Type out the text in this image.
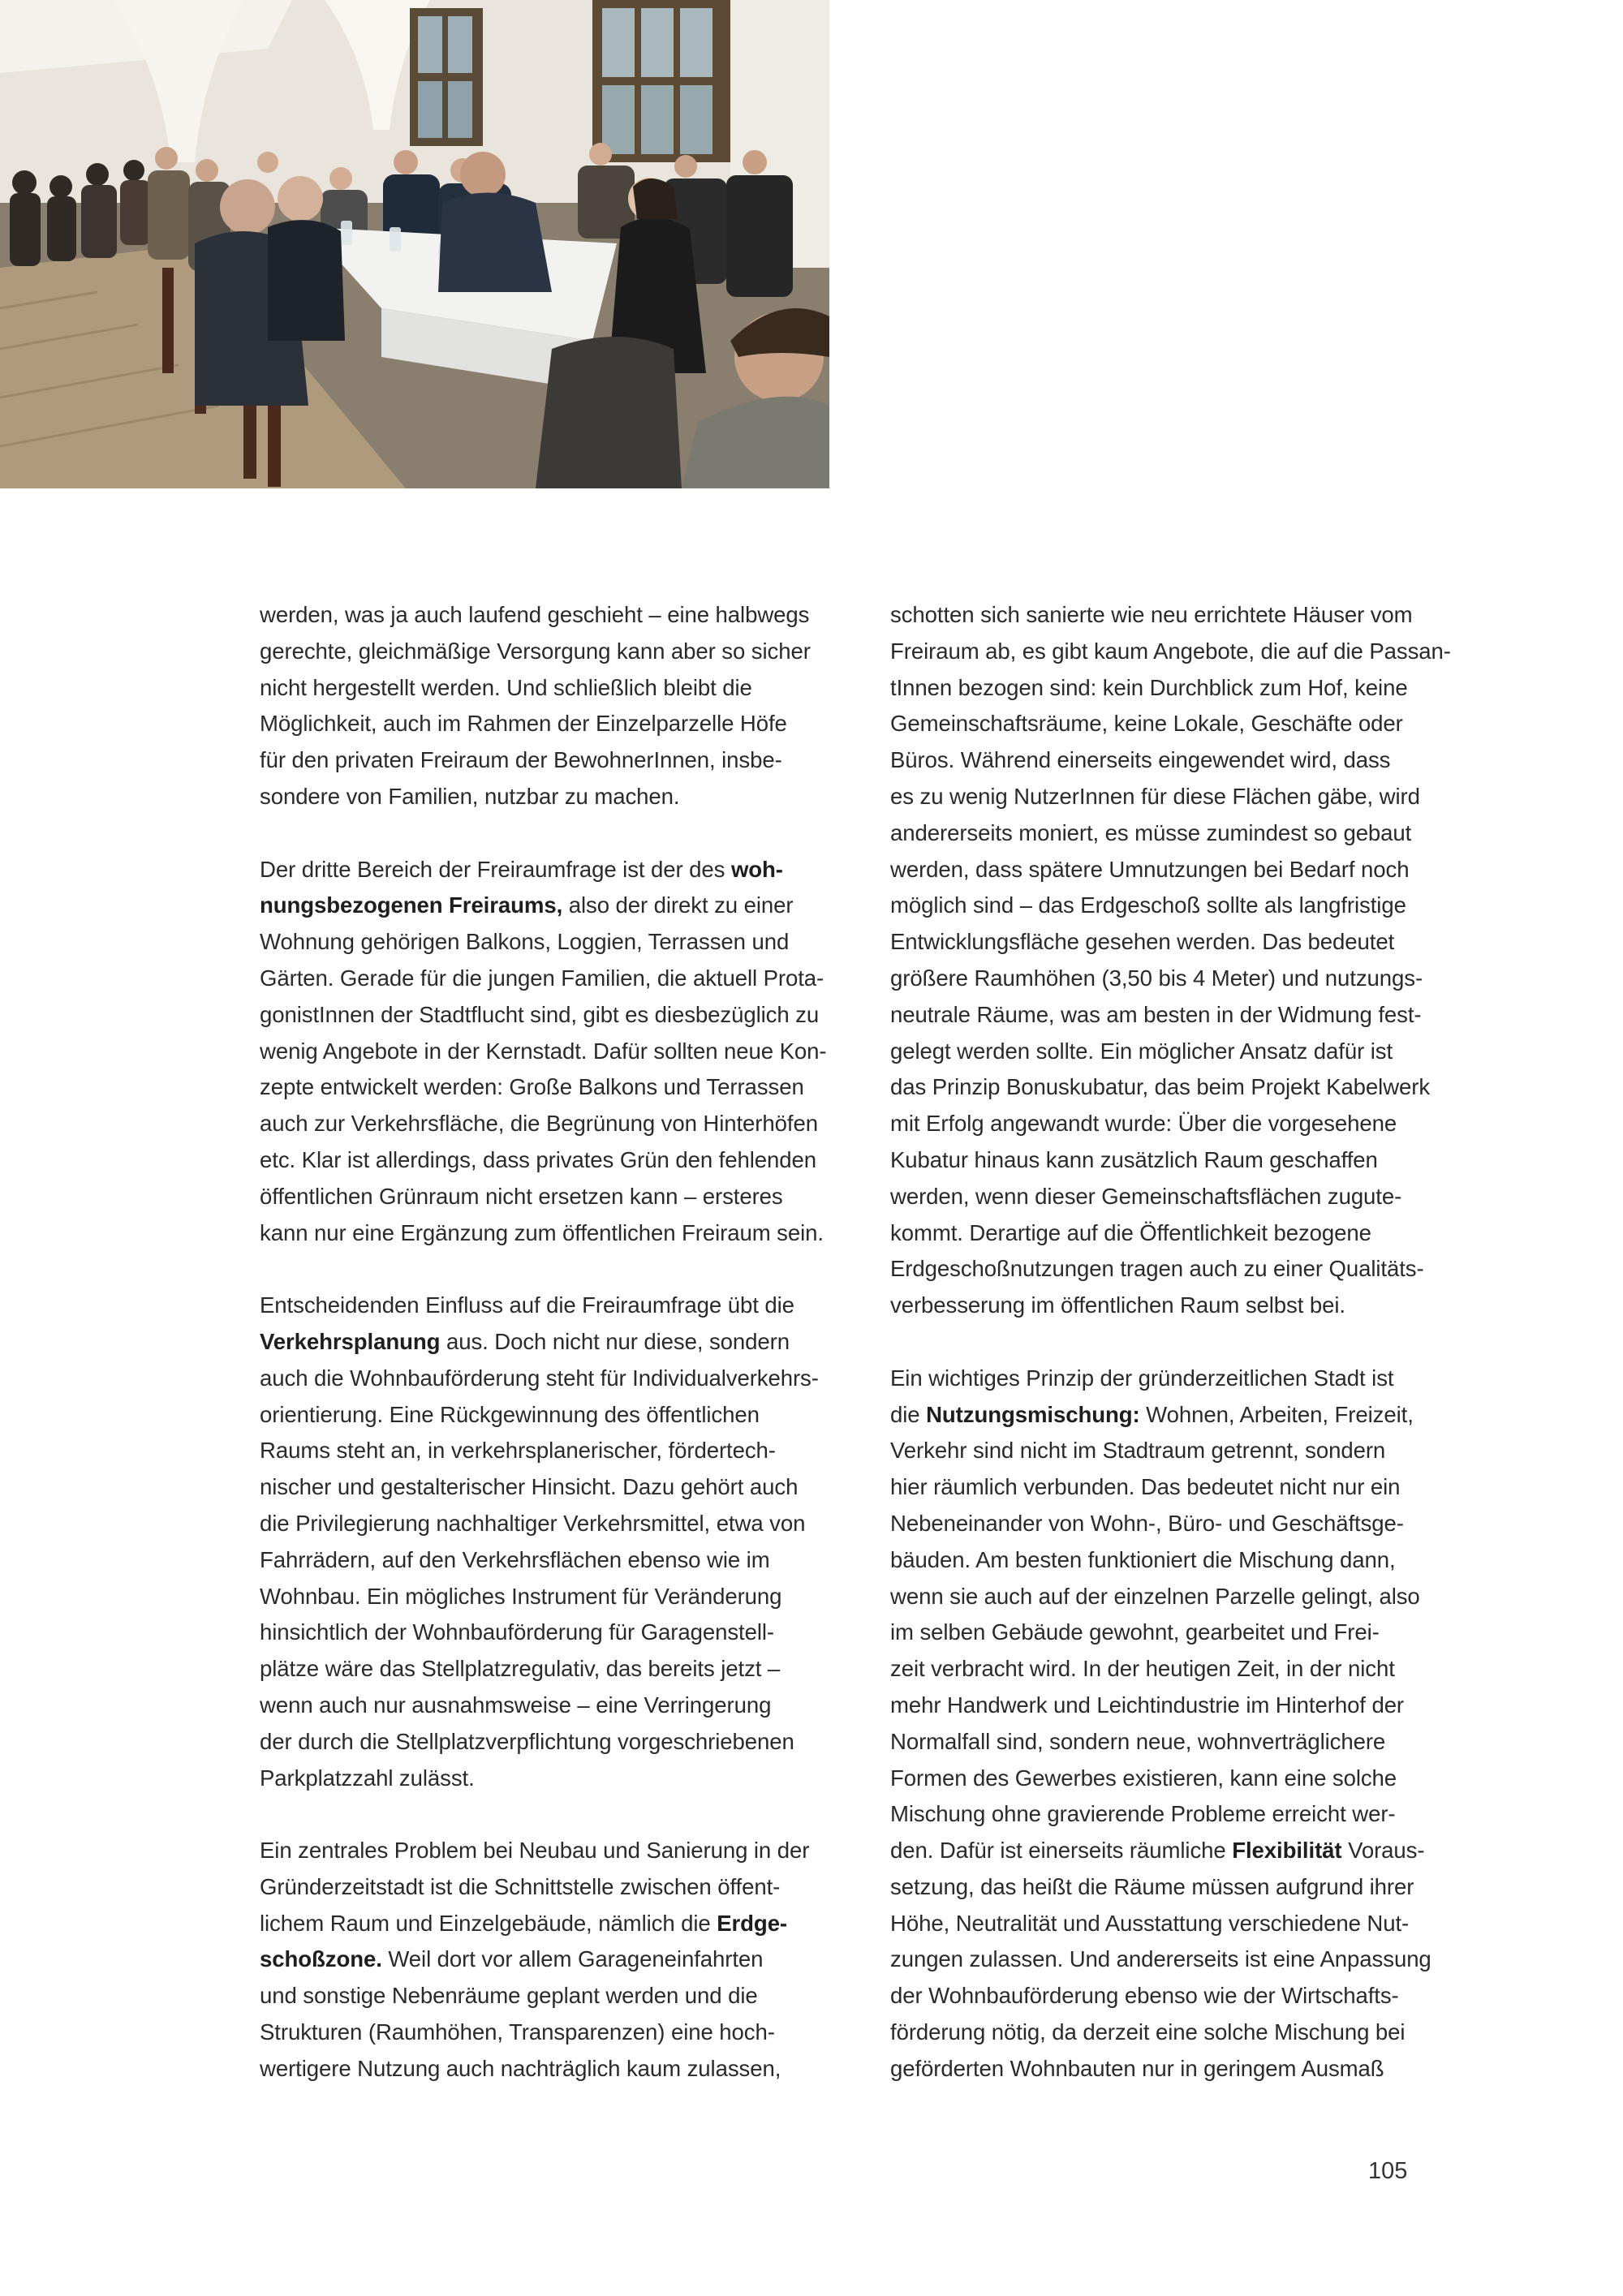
werden, was ja auch laufend geschieht – eine halbwegs
gerechte, gleichmäßige Versorgung kann aber so sicher
nicht hergestellt werden. Und schließlich bleibt die
Möglichkeit, auch im Rahmen der Einzelparzelle Höfe
für den privaten Freiraum der BewohnerInnen, insbe-
sondere von Familien, nutzbar zu machen.

Der dritte Bereich der Freiraumfrage ist der des woh-
nungsbezogenen Freiraums, also der direkt zu einer
Wohnung gehörigen Balkons, Loggien, Terrassen und
Gärten. Gerade für die jungen Familien, die aktuell Prota-
gonistInnen der Stadtflucht sind, gibt es diesbezüglich zu
wenig Angebote in der Kernstadt. Dafür sollten neue Kon-
zepte entwickelt werden: Große Balkons und Terrassen
auch zur Verkehrsfläche, die Begrünung von Hinterhöfen
etc. Klar ist allerdings, dass privates Grün den fehlenden
öffentlichen Grünraum nicht ersetzen kann – ersteres
kann nur eine Ergänzung zum öffentlichen Freiraum sein.

Entscheidenden Einfluss auf die Freiraumfrage übt die
Verkehrsplanung aus. Doch nicht nur diese, sondern
auch die Wohnbauförderung steht für Individualverkehrs-
orientierung. Eine Rückgewinnung des öffentlichen
Raums steht an, in verkehrsplanerischer, fördertech-
nischer und gestalterischer Hinsicht. Dazu gehört auch
die Privilegierung nachhaltiger Verkehrsmittel, etwa von
Fahrrädern, auf den Verkehrsflächen ebenso wie im
Wohnbau. Ein mögliches Instrument für Veränderung
hinsichtlich der Wohnbauförderung für Garagenstell-
plätze wäre das Stellplatzregulativ, das bereits jetzt –
wenn auch nur ausnahmsweise – eine Verringerung
der durch die Stellplatzverpflichtung vorgeschriebenen
Parkplatzzahl zulässt.

Ein zentrales Problem bei Neubau und Sanierung in der
Gründerzeitstadt ist die Schnittstelle zwischen öffent-
lichem Raum und Einzelgebäude, nämlich die Erdge-
schoßzone. Weil dort vor allem Garageneinfahrten
und sonstige Nebenräume geplant werden und die
Strukturen (Raumhöhen, Transparenzen) eine hoch-
wertigere Nutzung auch nachträglich kaum zulassen,

schotten sich sanierte wie neu errichtete Häuser vom
Freiraum ab, es gibt kaum Angebote, die auf die Passan-
tInnen bezogen sind: kein Durchblick zum Hof, keine
Gemeinschaftsräume, keine Lokale, Geschäfte oder
Büros. Während einerseits eingewendet wird, dass
es zu wenig NutzerInnen für diese Flächen gäbe, wird
andererseits moniert, es müsse zumindest so gebaut
werden, dass spätere Umnutzungen bei Bedarf noch
möglich sind – das Erdgeschoß sollte als langfristige
Entwicklungsfläche gesehen werden. Das bedeutet
größere Raumhöhen (3,50 bis 4 Meter) und nutzungs-
neutrale Räume, was am besten in der Widmung fest-
gelegt werden sollte. Ein möglicher Ansatz dafür ist
das Prinzip Bonuskubatur, das beim Projekt Kabelwerk
mit Erfolg angewandt wurde: Über die vorgesehene
Kubatur hinaus kann zusätzlich Raum geschaffen
werden, wenn dieser Gemeinschaftsflächen zugute-
kommt. Derartige auf die Öffentlichkeit bezogene
Erdgeschoßnutzungen tragen auch zu einer Qualitäts-
verbesserung im öffentlichen Raum selbst bei.

Ein wichtiges Prinzip der gründerzeitlichen Stadt ist
die Nutzungsmischung: Wohnen, Arbeiten, Freizeit,
Verkehr sind nicht im Stadtraum getrennt, sondern
hier räumlich verbunden. Das bedeutet nicht nur ein
Nebeneinander von Wohn-, Büro- und Geschäftsge-
bäuden. Am besten funktioniert die Mischung dann,
wenn sie auch auf der einzelnen Parzelle gelingt, also
im selben Gebäude gewohnt, gearbeitet und Frei-
zeit verbracht wird. In der heutigen Zeit, in der nicht
mehr Handwerk und Leichtindustrie im Hinterhof der
Normalfall sind, sondern neue, wohnverträglichere
Formen des Gewerbes existieren, kann eine solche
Mischung ohne gravierende Probleme erreicht wer-
den. Dafür ist einerseits räumliche Flexibilität Voraus-
setzung, das heißt die Räume müssen aufgrund ihrer
Höhe, Neutralität und Ausstattung verschiedene Nut-
zungen zulassen. Und andererseits ist eine Anpassung
der Wohnbauförderung ebenso wie der Wirtschafts-
förderung nötig, da derzeit eine solche Mischung bei
geförderten Wohnbauten nur in geringem Ausmaß

105
